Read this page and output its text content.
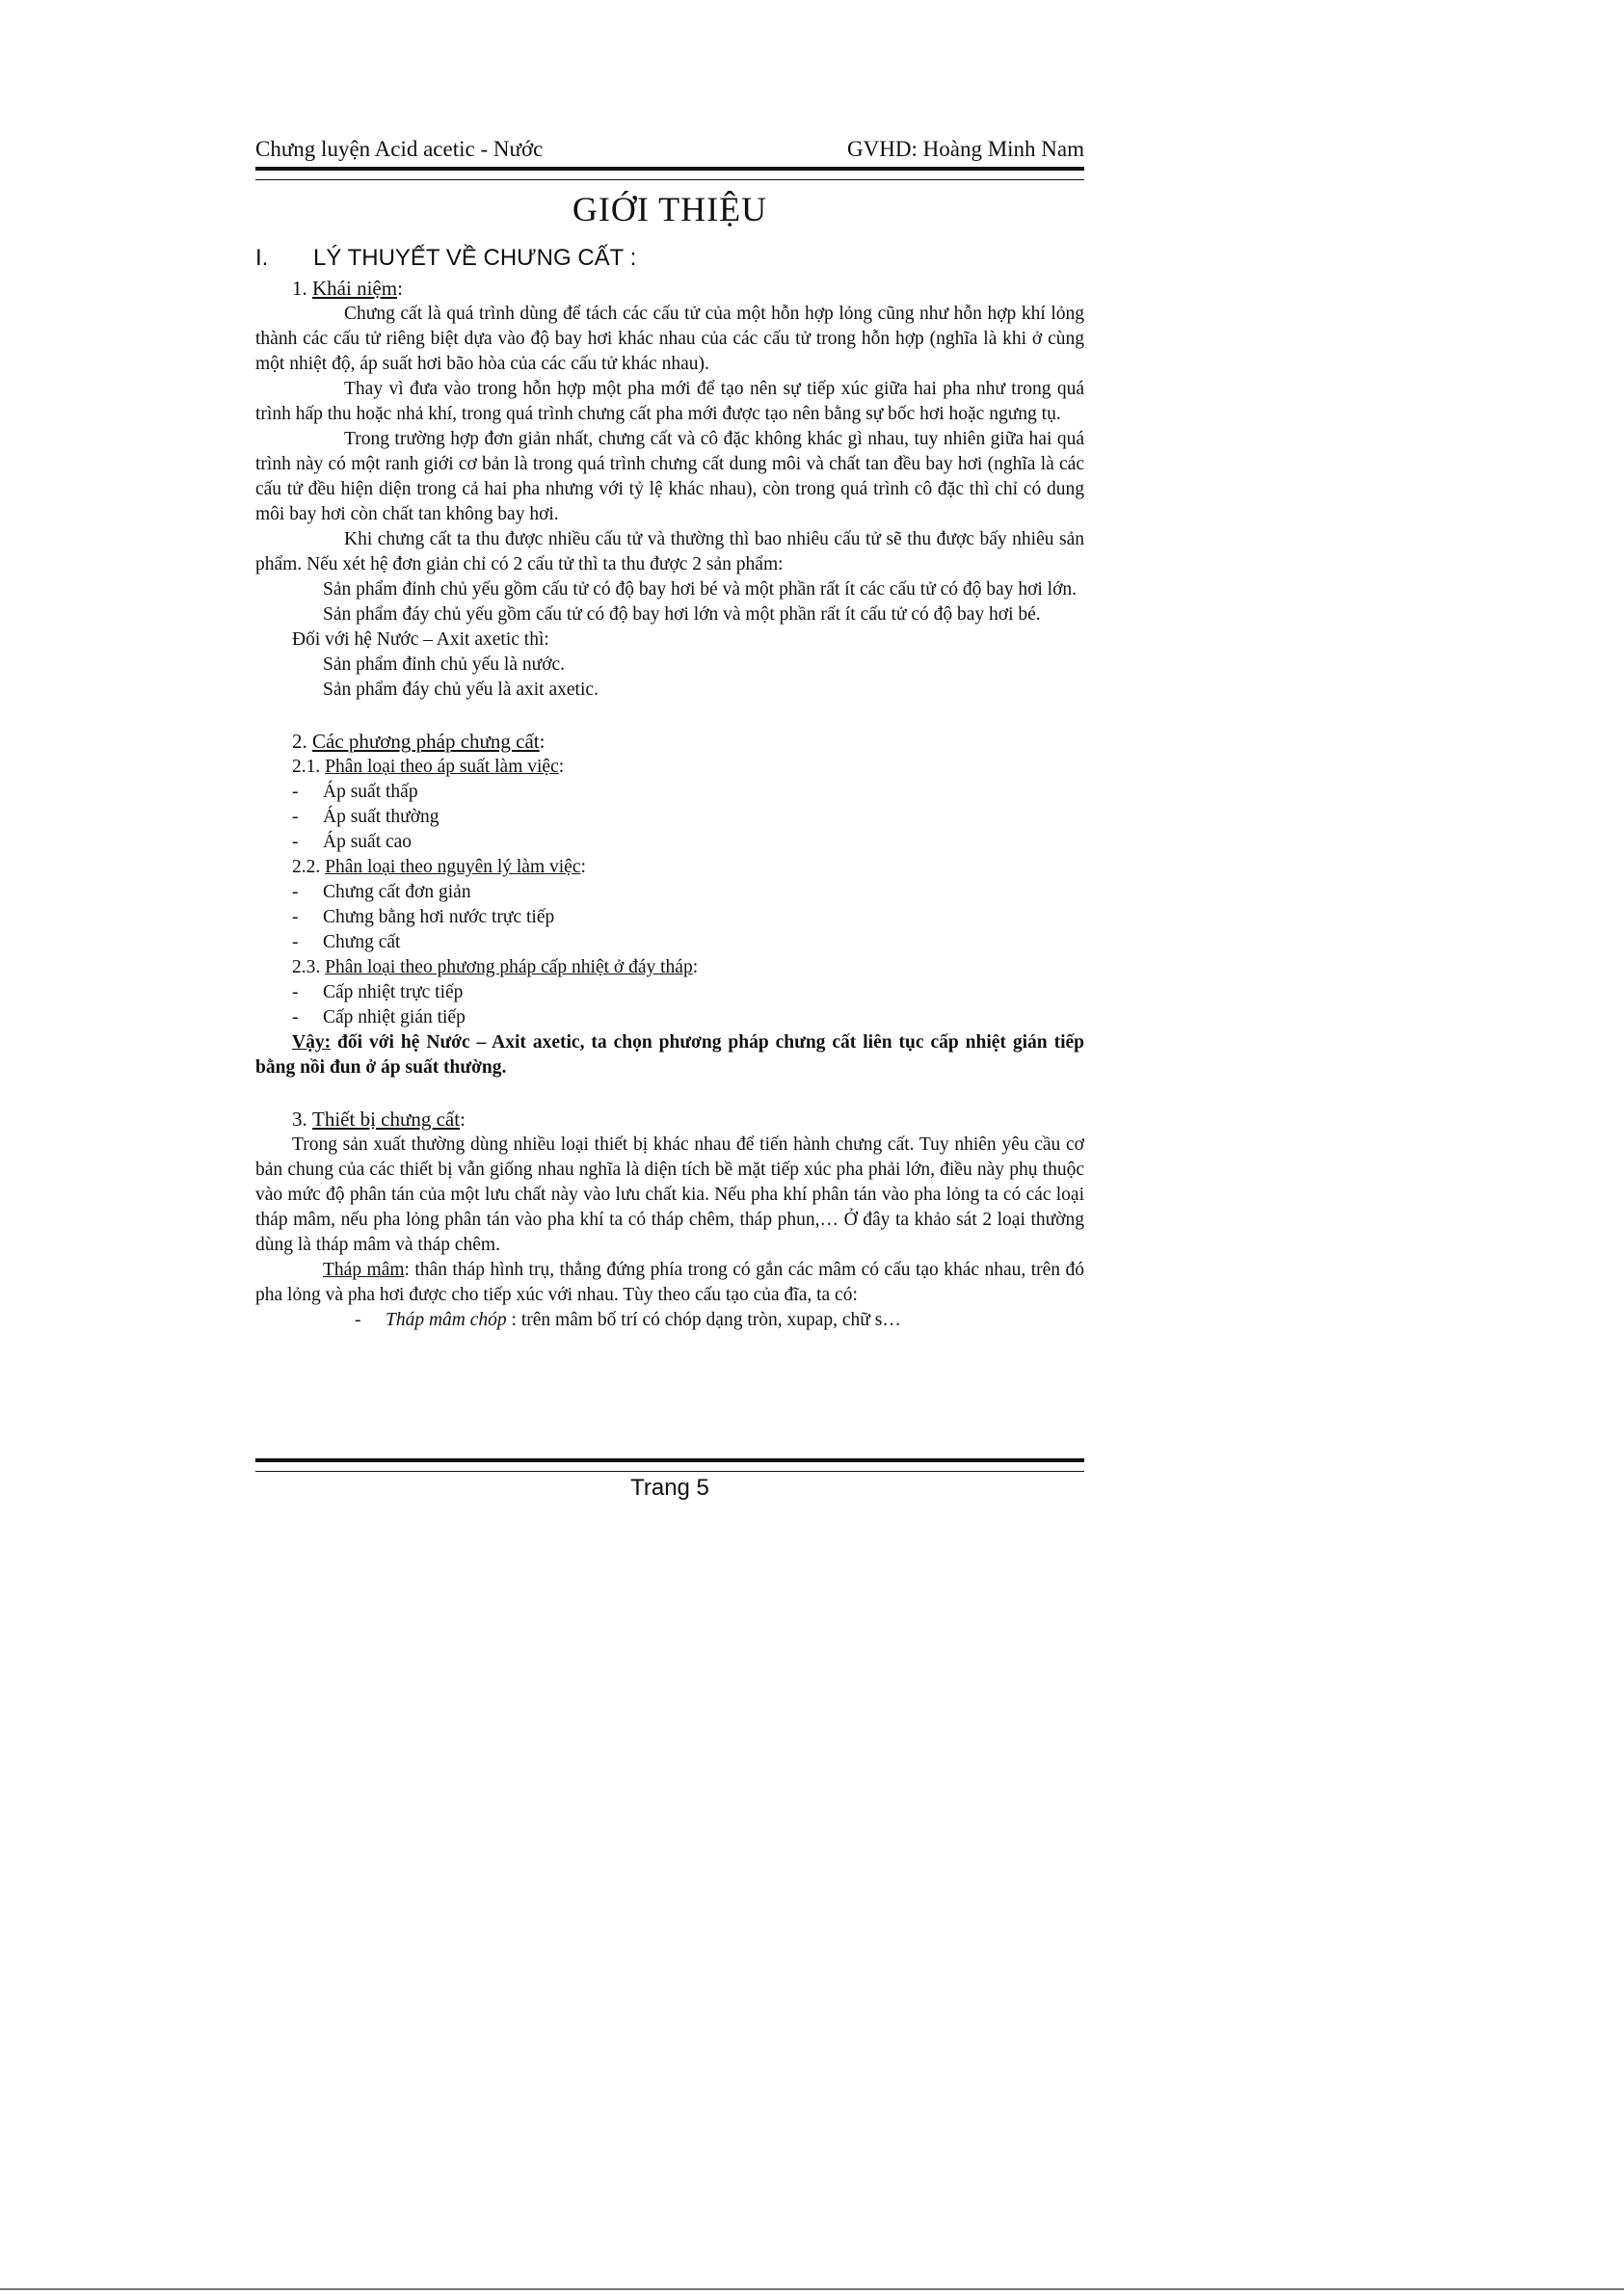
Chưng luyện Acid acetic - Nước	GVHD: Hoàng Minh Nam
GIỚI THIỆU
I.	LÝ THUYẾT VỀ CHƯNG CẤT :
1. Khái niệm:

Chưng cất là quá trình dùng để tách các cấu tử của một hỗn hợp lỏng cũng như hỗn hợp khí lỏng thành các cấu tử riêng biệt dựa vào độ bay hơi khác nhau của các cấu tử trong hỗn hợp (nghĩa là khi ở cùng một nhiệt độ, áp suất hơi bão hòa của các cấu tử khác nhau).

Thay vì đưa vào trong hỗn hợp một pha mới để tạo nên sự tiếp xúc giữa hai pha như trong quá trình hấp thu hoặc nhả khí, trong quá trình chưng cất pha mới được tạo nên bằng sự bốc hơi hoặc ngưng tụ.

Trong trường hợp đơn giản nhất, chưng cất và cô đặc không khác gì nhau, tuy nhiên giữa hai quá trình này có một ranh giới cơ bản là trong quá trình chưng cất dung môi và chất tan đều bay hơi (nghĩa là các cấu tử đều hiện diện trong cả hai pha nhưng với tỷ lệ khác nhau), còn trong quá trình cô đặc thì chỉ có dung môi bay hơi còn chất tan không bay hơi.

Khi chưng cất ta thu được nhiều cấu tử và thường thì bao nhiêu cấu tử sẽ thu được bấy nhiêu sản phẩm. Nếu xét hệ đơn giản chỉ có 2 cấu tử thì ta thu được 2 sản phẩm:

Sản phẩm đỉnh chủ yếu gồm cấu tử có độ bay hơi bé và một phần rất ít các cấu tử có độ bay hơi lớn.

Sản phẩm đáy chủ yếu gồm cấu tử có độ bay hơi lớn và một phần rất ít cấu tử có độ bay hơi bé.

Đối với hệ Nước – Axit axetic thì:

Sản phẩm đỉnh chủ yếu là nước.

Sản phẩm đáy chủ yếu là axit axetic.

2. Các phương pháp chưng cất:
2.1. Phân loại theo áp suất làm việc:
-	Áp suất thấp
-	Áp suất thường
-	Áp suất cao
2.2. Phân loại theo nguyên lý làm việc:
-	Chưng cất đơn giản
-	Chưng bằng hơi nước trực tiếp
-	Chưng cất
2.3. Phân loại theo phương pháp cấp nhiệt ở đáy tháp:
-	Cấp nhiệt trực tiếp
-	Cấp nhiệt gián tiếp

Vậy: đối với hệ Nước – Axit axetic, ta chọn phương pháp chưng cất liên tục cấp nhiệt gián tiếp bằng nồi đun ở áp suất thường.

3. Thiết bị chưng cất:

Trong sản xuất thường dùng nhiều loại thiết bị khác nhau để tiến hành chưng cất. Tuy nhiên yêu cầu cơ bản chung của các thiết bị vẫn giống nhau nghĩa là diện tích bề mặt tiếp xúc pha phải lớn, điều này phụ thuộc vào mức độ phân tán của một lưu chất này vào lưu chất kia. Nếu pha khí phân tán vào pha lỏng ta có các loại tháp mâm, nếu pha lỏng phân tán vào pha khí ta có tháp chêm, tháp phun,… Ở đây ta khảo sát 2 loại thường dùng là tháp mâm và tháp chêm.

Tháp mâm: thân tháp hình trụ, thẳng đứng phía trong có gắn các mâm có cấu tạo khác nhau, trên đó pha lỏng và pha hơi được cho tiếp xúc với nhau. Tùy theo cấu tạo của đĩa, ta có:

- Tháp mâm chóp : trên mâm bố trí có chóp dạng tròn, xupap, chữ s…
Trang 5
